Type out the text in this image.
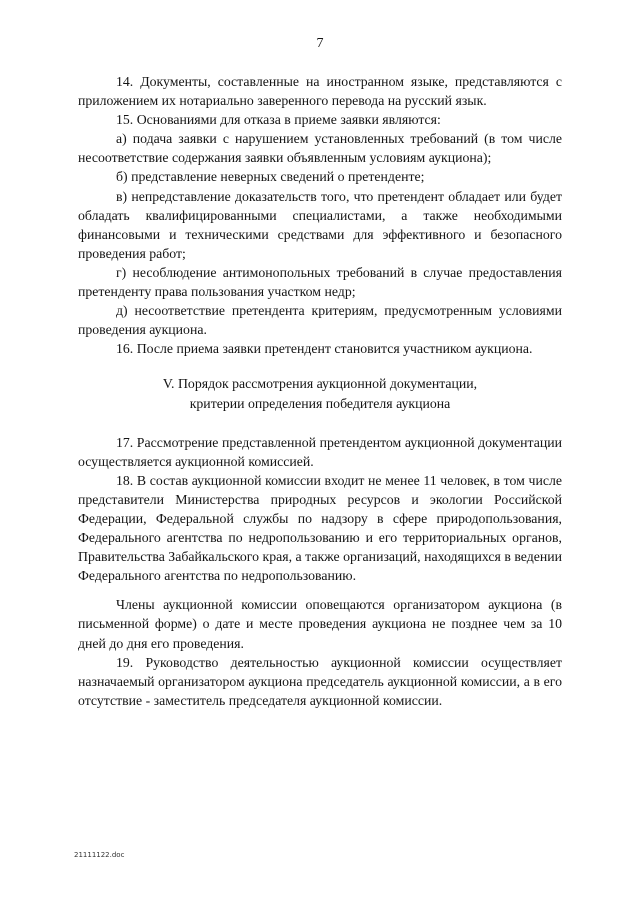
7

14. Документы, составленные на иностранном языке, представляются с приложением их нотариально заверенного перевода на русский язык.

15. Основаниями для отказа в приеме заявки являются:

а) подача заявки с нарушением установленных требований (в том числе несоответствие содержания заявки объявленным условиям аукциона);

б) представление неверных сведений о претенденте;

в) непредставление доказательств того, что претендент обладает или будет обладать квалифицированными специалистами, а также необходимыми финансовыми и техническими средствами для эффективного и безопасного проведения работ;

г) несоблюдение антимонопольных требований в случае предоставления претенденту права пользования участком недр;

д) несоответствие претендента критериям, предусмотренным условиями проведения аукциона.

16. После приема заявки претендент становится участником аукциона.

V. Порядок рассмотрения аукционной документации,
критерии определения победителя аукциона

17. Рассмотрение представленной претендентом аукционной документации осуществляется аукционной комиссией.

18. В состав аукционной комиссии входит не менее 11 человек, в том числе представители Министерства природных ресурсов и экологии Российской Федерации, Федеральной службы по надзору в сфере природопользования, Федерального агентства по недропользованию и его территориальных органов, Правительства Забайкальского края, а также организаций, находящихся в ведении Федерального агентства по недропользованию.

Члены аукционной комиссии оповещаются организатором аукциона (в письменной форме) о дате и месте проведения аукциона не позднее чем за 10 дней до дня его проведения.

19. Руководство деятельностью аукционной комиссии осуществляет назначаемый организатором аукциона председатель аукционной комиссии, а в его отсутствие - заместитель председателя аукционной комиссии.

21111122.doc
